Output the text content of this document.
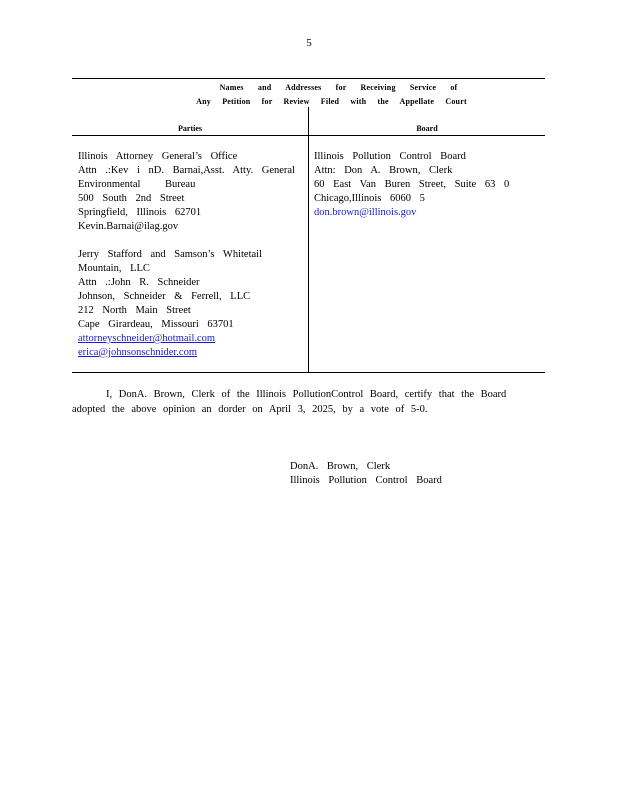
5
Names and Addresses for Receiving Service of
Any Petition for Review Filed with the Appellate Court
Parties	Board
Illinois Attorney General’s Office
Attn .:Kev i nD. Barnai,Asst. Atty. General
Environmental Bureau
500 South 2nd Street
Springfield, Illinois 62701
Kevin.Barnai@ilag.gov
Jerry Stafford and Samson’s Whitetail
Mountain, LLC
Attn .:John R. Schneider
Johnson, Schneider & Ferrell, LLC
212 North Main Street
Cape Girardeau, Missouri 63701
attorneyschneider@hotmail.com
erica@johnsonschnider.com
Illinois Pollution Control Board
Attn: Don A. Brown, Clerk
60 East Van Buren Street, Suite 63 0
Chicago,Illinois 6060 5
don.brown@illinois.gov
I, DonA. Brown, Clerk of the Illinois PollutionControl Board, certify that the Board
adopted the above opinion an dorder on April 3, 2025, by a vote of 5-0.
DonA. Brown, Clerk
Illinois Pollution Control Board
